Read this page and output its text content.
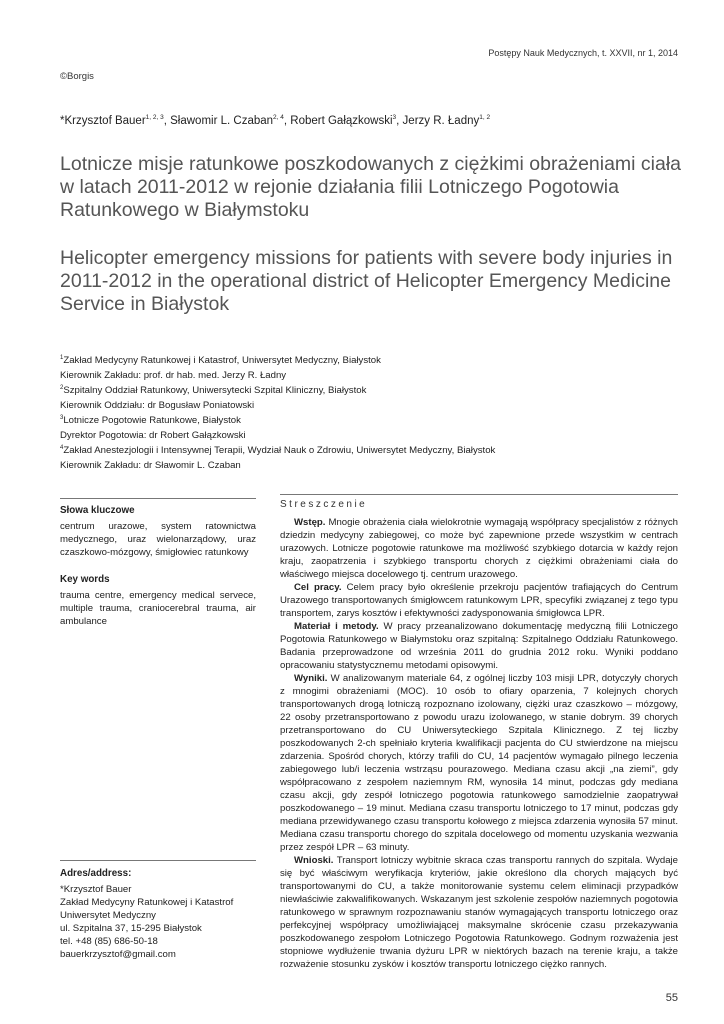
Postępy Nauk Medycznych, t. XXVII, nr 1, 2014
©Borgis
*Krzysztof Bauer$^{1, 2, 3}$, Sławomir L. Czaban$^{2, 4}$, Robert Gałązkowski$^3$, Jerzy R. Ładny$^{1, 2}$
Lotnicze misje ratunkowe poszkodowanych z ciężkimi obrażeniami ciała w latach 2011-2012 w rejonie działania filii Lotniczego Pogotowia Ratunkowego w Białymstoku
Helicopter emergency missions for patients with severe body injuries in 2011-2012 in the operational district of Helicopter Emergency Medicine Service in Białystok
$^1$Zakład Medycyny Ratunkowej i Katastrof, Uniwersytet Medyczny, Białystok
Kierownik Zakładu: prof. dr hab. med. Jerzy R. Ładny
$^2$Szpitalny Oddział Ratunkowy, Uniwersytecki Szpital Kliniczny, Białystok
Kierownik Oddziału: dr Bogusław Poniatowski
$^3$Lotnicze Pogotowie Ratunkowe, Białystok
Dyrektor Pogotowia: dr Robert Gałązkowski
$^4$Zakład Anestezjologii i Intensywnej Terapii, Wydział Nauk o Zdrowiu, Uniwersytet Medyczny, Białystok
Kierownik Zakładu: dr Sławomir L. Czaban
Słowa kluczowe
centrum urazowe, system ratownictwa medycznego, uraz wielonarządowy, uraz czaszkowo-mózgowy, śmigłowiec ratunkowy
Key words
trauma centre, emergency medical servece, multiple trauma, craniocerebral trauma, air ambulance
Adres/address:
*Krzysztof Bauer
Zakład Medycyny Ratunkowej i Katastrof
Uniwersytet Medyczny
ul. Szpitalna 37, 15-295 Białystok
tel. +48 (85) 686-50-18
bauerkrzysztof@gmail.com
Streszczenie

Wstęp. Mnogie obrażenia ciała wielokrotnie wymagają współpracy specjalistów z różnych dziedzin medycyny zabiegowej, co może być zapewnione przede wszystkim w centrach urazowych. Lotnicze pogotowie ratunkowe ma możliwość szybkiego dotarcia w każdy rejon kraju, zaopatrzenia i szybkiego transportu chorych z ciężkimi obrażeniami ciała do właściwego miejsca docelowego tj. centrum urazowego.

Cel pracy. Celem pracy było określenie przekroju pacjentów trafiających do Centrum Urazowego transportowanych śmigłowcem ratunkowym LPR, specyfiki związanej z tego typu transportem, zarys kosztów i efektywności zadysponowania śmigłowca LPR.

Materiał i metody. W pracy przeanalizowano dokumentację medyczną filii Lotniczego Pogotowia Ratunkowego w Białymstoku oraz szpitalną: Szpitalnego Oddziału Ratunkowego. Badania przeprowadzone od września 2011 do grudnia 2012 roku. Wyniki poddano opracowaniu statystycznemu metodami opisowymi.

Wyniki. W analizowanym materiale 64, z ogólnej liczby 103 misji LPR, dotyczyły chorych z mnogimi obrażeniami (MOC). 10 osób to ofiary oparzenia, 7 kolejnych chorych transportowanych drogą lotniczą rozpoznano izolowany, ciężki uraz czaszkowo – mózgowy, 22 osoby przetransportowano z powodu urazu izolowanego, w stanie dobrym. 39 chorych przetransportowano do CU Uniwersyteckiego Szpitala Klinicznego. Z tej liczby poszkodowanych 2-ch spełniało kryteria kwalifikacji pacjenta do CU stwierdzone na miejscu zdarzenia. Spośród chorych, którzy trafili do CU, 14 pacjentów wymagało pilnego leczenia zabiegowego lub/i leczenia wstrząsu pourazowego. Mediana czasu akcji „na ziemi”, gdy współpracowano z zespołem naziemnym RM, wynosiła 14 minut, podczas gdy mediana czasu akcji, gdy zespół lotniczego pogotowia ratunkowego samodzielnie zaopatrywał poszkodowanego – 19 minut. Mediana czasu transportu lotniczego to 17 minut, podczas gdy mediana przewidywanego czasu transportu kołowego z miejsca zdarzenia wynosiła 57 minut. Mediana czasu transportu chorego do szpitala docelowego od momentu uzyskania wezwania przez zespół LPR – 63 minuty.

Wnioski. Transport lotniczy wybitnie skraca czas transportu rannych do szpitala. Wydaje się być właściwym weryfikacja kryteriów, jakie określono dla chorych mających być transportowanymi do CU, a także monitorowanie systemu celem eliminacji przypadków niewłaściwie zakwalifikowanych. Wskazanym jest szkolenie zespołów naziemnych pogotowia ratunkowego w sprawnym rozpoznawaniu stanów wymagających transportu lotniczego oraz perfekcyjnej współpracy umożliwiającej maksymalne skrócenie czasu przekazywania poszkodowanego zespołom Lotniczego Pogotowia Ratunkowego. Godnym rozważenia jest stopniowe wydłużenie trwania dyżuru LPR w niektórych bazach na terenie kraju, a także rozważenie stosunku zysków i kosztów transportu lotniczego ciężko rannych.

55
